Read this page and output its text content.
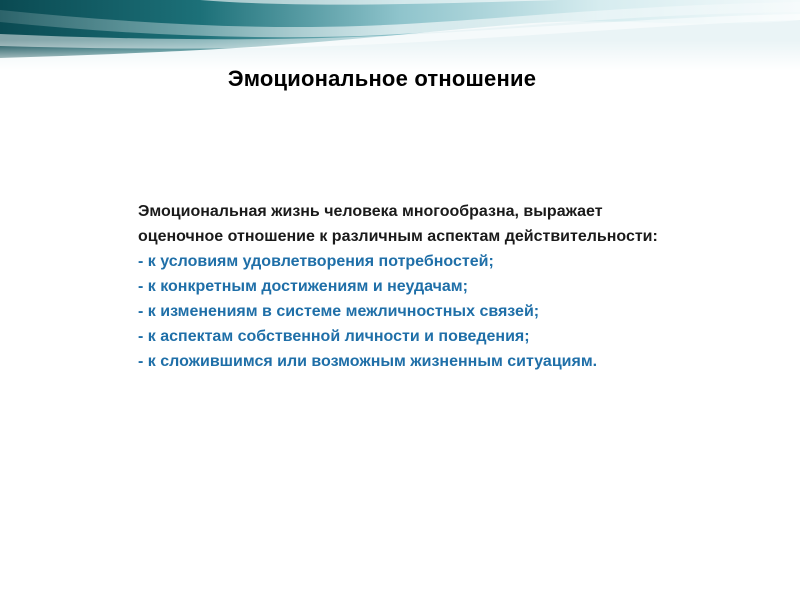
Эмоциональное отношение

Эмоциональная жизнь человека многообразна, выражает оценочное отношение к различным аспектам действительности:

- к условиям удовлетворения потребностей;
- к конкретным достижениям и неудачам;
- к изменениям в системе межличностных связей;
- к аспектам собственной личности и поведения;
- к сложившимся или возможным жизненным ситуациям.
